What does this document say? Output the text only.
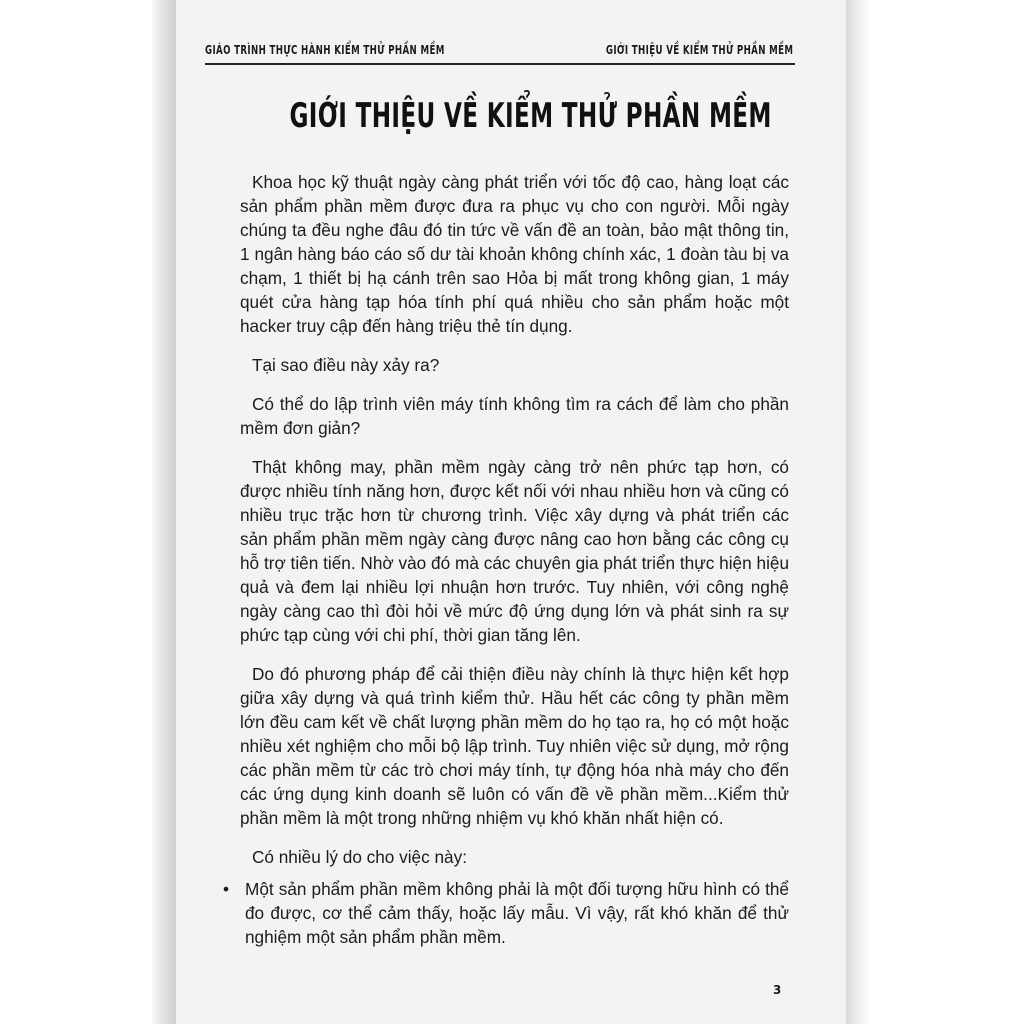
GIÁO TRÌNH THỰC HÀNH KIỂM THỬ PHẦN MỀM	GIỚI THIỆU VỀ KIỂM THỬ PHẦN MỀM
GIỚI THIỆU VỀ KIỂM THỬ PHẦN MỀM

Khoa học kỹ thuật ngày càng phát triển với tốc độ cao, hàng loạt các sản phẩm phần mềm được đưa ra phục vụ cho con người. Mỗi ngày chúng ta đều nghe đâu đó tin tức về vấn đề an toàn, bảo mật thông tin, 1 ngân hàng báo cáo số dư tài khoản không chính xác, 1 đoàn tàu bị va chạm, 1 thiết bị hạ cánh trên sao Hỏa bị mất trong không gian, 1 máy quét cửa hàng tạp hóa tính phí quá nhiều cho sản phẩm hoặc một hacker truy cập đến hàng triệu thẻ tín dụng.

Tại sao điều này xảy ra?

Có thể do lập trình viên máy tính không tìm ra cách để làm cho phần mềm đơn giản?

Thật không may, phần mềm ngày càng trở nên phức tạp hơn, có được nhiều tính năng hơn, được kết nối với nhau nhiều hơn và cũng có nhiều trục trặc hơn từ chương trình. Việc xây dựng và phát triển các sản phẩm phần mềm ngày càng được nâng cao hơn bằng các công cụ hỗ trợ tiên tiến. Nhờ vào đó mà các chuyên gia phát triển thực hiện hiệu quả và đem lại nhiều lợi nhuận hơn trước. Tuy nhiên, với công nghệ ngày càng cao thì đòi hỏi về mức độ ứng dụng lớn và phát sinh ra sự phức tạp cùng với chi phí, thời gian tăng lên.

Do đó phương pháp để cải thiện điều này chính là thực hiện kết hợp giữa xây dựng và quá trình kiểm thử. Hầu hết các công ty phần mềm lớn đều cam kết về chất lượng phần mềm do họ tạo ra, họ có một hoặc nhiều xét nghiệm cho mỗi bộ lập trình. Tuy nhiên việc sử dụng, mở rộng các phần mềm từ các trò chơi máy tính, tự động hóa nhà máy cho đến các ứng dụng kinh doanh sẽ luôn có vấn đề về phần mềm...Kiểm thử phần mềm là một trong những nhiệm vụ khó khăn nhất hiện có.

Có nhiều lý do cho việc này:

• Một sản phẩm phần mềm không phải là một đối tượng hữu hình có thể đo được, cơ thể cảm thấy, hoặc lấy mẫu. Vì vậy, rất khó khăn để thử nghiệm một sản phẩm phần mềm.
3
